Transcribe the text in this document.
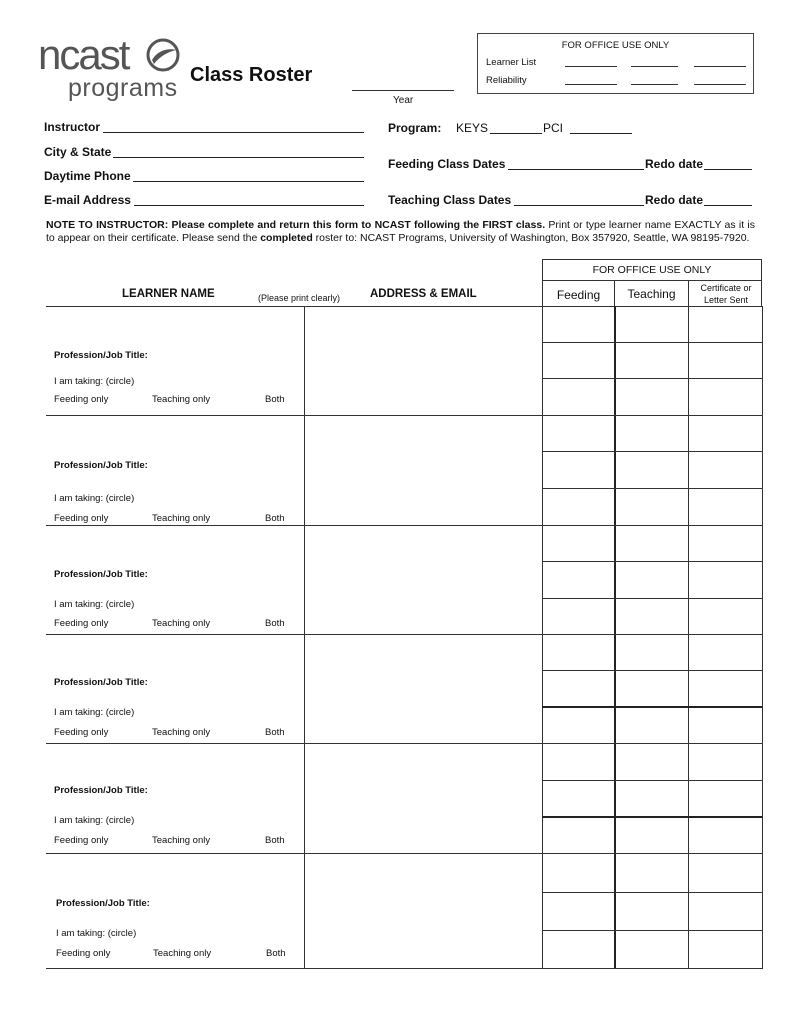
ncast
programs Class Roster
Year
FOR OFFICE USE ONLY
Learner List
Reliability
Instructor
City & State
Daytime Phone
E-mail Address
Program: KEYS	PCI
Feeding Class Dates	Redo date
Teaching Class Dates	Redo date
NOTE TO INSTRUCTOR: Please complete and return this form to NCAST following the FIRST class. Print or type learner name EXACTLY as it is to appear on their certificate. Please send the completed roster to: NCAST Programs, University of Washington, Box 357920, Seattle, WA 98195-7920.
FOR OFFICE USE ONLY
LEARNER NAME	(Please print clearly)	ADDRESS & EMAIL	Feeding	Teaching	Certificate or Letter Sent
Profession/Job Title:
I am taking: (circle)
Feeding only	Teaching only	Both
Profession/Job Title:
I am taking: (circle)
Feeding only	Teaching only	Both
Profession/Job Title:
I am taking: (circle)
Feeding only	Teaching only	Both
Profession/Job Title:
I am taking: (circle)
Feeding only	Teaching only	Both
Profession/Job Title:
I am taking: (circle)
Feeding only	Teaching only	Both
Profession/Job Title:
I am taking: (circle)
Feeding only	Teaching only	Both
